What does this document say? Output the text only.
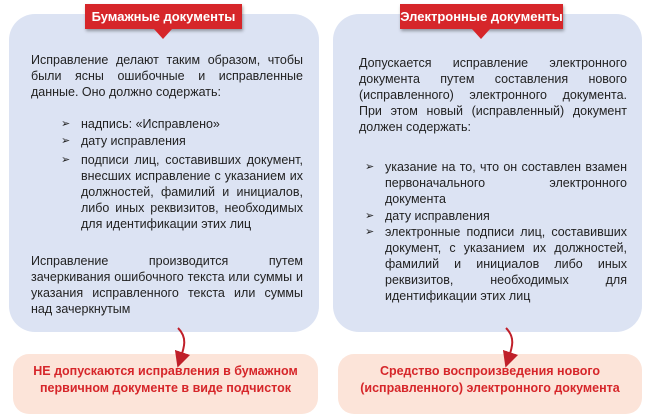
Исправление делают таким образом, чтобы были ясны ошибочные и исправленные данные. Оно должно содержать:
➢ надпись: «Исправлено»
➢ дату исправления
➢ подписи лиц, составивших документ, внесших исправление с указанием их должностей, фамилий и инициалов, либо иных реквизитов, необходимых для идентификации этих лиц
Исправление производится путем зачеркивания ошибочного текста или суммы и указания исправленного текста или суммы над зачеркнутым
Допускается исправление электронного документа путем составления нового (исправленного) электронного документа. При этом новый (исправленный) документ должен содержать:
➢ указание на то, что он составлен взамен первоначального электронного документа
➢ дату исправления
➢ электронные подписи лиц, составивших документ, с указанием их должностей, фамилий и инициалов либо иных реквизитов, необходимых для идентификации этих лиц
Бумажные документы	Электронные документы
НЕ допускаются исправления в бумажном
первичном документе в виде подчисток
Средство воспроизведения нового
(исправленного) электронного документа
